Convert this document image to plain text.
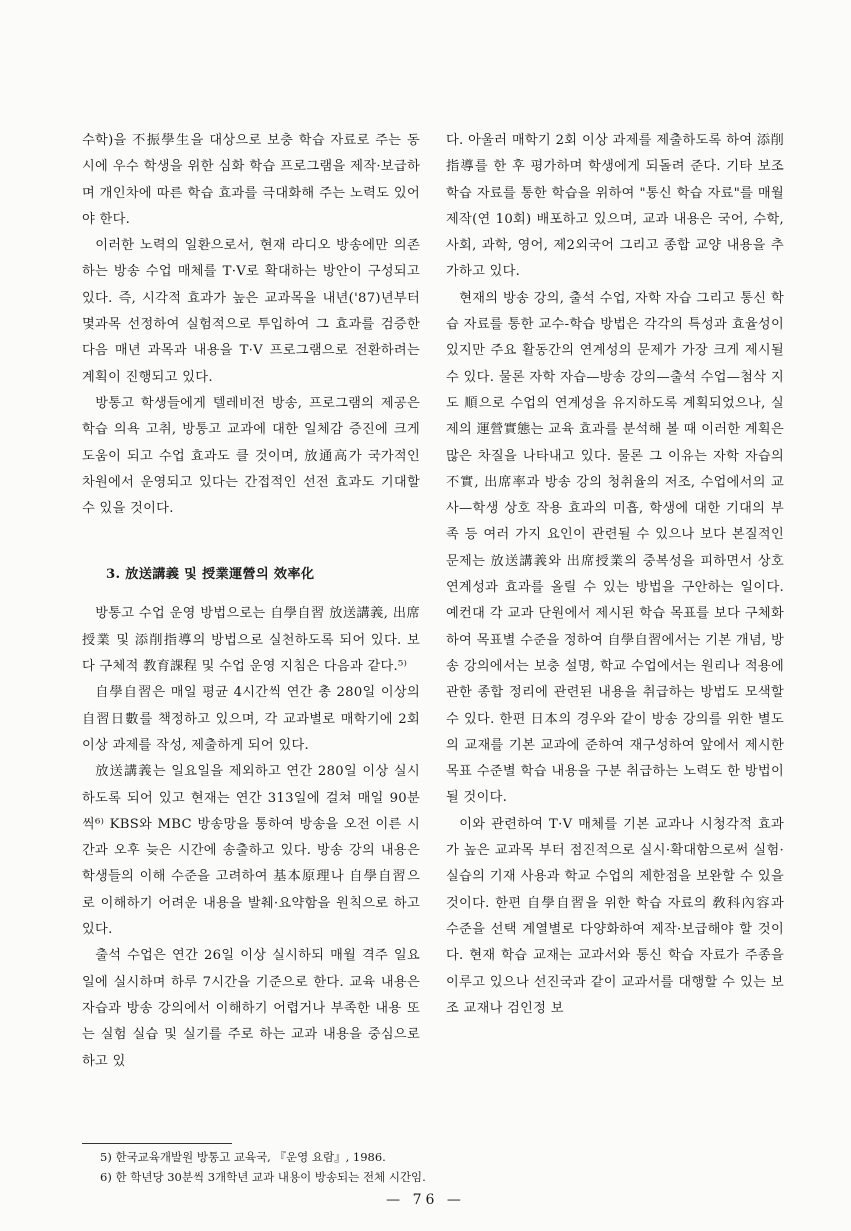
수학)을 不振學生을 대상으로 보충 학습 자료로 주는 동시에 우수 학생을 위한 심화 학습 프로그램을 제작·보급하며 개인차에 따른 학습 효과를 극대화해 주는 노력도 있어야 한다.

이러한 노력의 일환으로서, 현재 라디오 방송에만 의존하는 방송 수업 매체를 T·V로 확대하는 방안이 구성되고 있다. 즉, 시각적 효과가 높은 교과목을 내년('87)년부터 몇과목 선정하여 실험적으로 투입하여 그 효과를 검증한 다음 매년 과목과 내용을 T·V 프로그램으로 전환하려는 계획이 진행되고 있다.

방통고 학생들에게 텔레비전 방송, 프로그램의 제공은 학습 의욕 고취, 방통고 교과에 대한 일체감 증진에 크게 도움이 되고 수업 효과도 클 것이며, 放通高가 국가적인 차원에서 운영되고 있다는 간접적인 선전 효과도 기대할 수 있을 것이다.

3. 放送講義 및 授業運營의 效率化

방통고 수업 운영 방법으로는 自學自習 放送講義, 出席授業 및 添削指導의 방법으로 실천하도록 되어 있다. 보다 구체적 教育課程 및 수업 운영 지침은 다음과 같다.⁵⁾

自學自習은 매일 평균 4시간씩 연간 총 280일 이상의 自習日數를 책정하고 있으며, 각 교과별로 매학기에 2회 이상 과제를 작성, 제출하게 되어 있다.

放送講義는 일요일을 제외하고 연간 280일 이상 실시하도록 되어 있고 현재는 연간 313일에 걸쳐 매일 90분씩⁶⁾ KBS와 MBC 방송망을 통하여 방송을 오전 이른 시간과 오후 늦은 시간에 송출하고 있다. 방송 강의 내용은 학생들의 이해 수준을 고려하여 基本原理나 自學自習으로 이해하기 어려운 내용을 발췌·요약함을 원칙으로 하고 있다.

출석 수업은 연간 26일 이상 실시하되 매월 격주 일요일에 실시하며 하루 7시간을 기준으로 한다. 교육 내용은 자습과 방송 강의에서 이해하기 어렵거나 부족한 내용 또는 실험 실습 및 실기를 주로 하는 교과 내용을 중심으로 하고 있

다. 아울러 매학기 2회 이상 과제를 제출하도록 하여 添削指導를 한 후 평가하며 학생에게 되돌려 준다. 기타 보조 학습 자료를 통한 학습을 위하여 "통신 학습 자료"를 매월 제작(연 10회) 배포하고 있으며, 교과 내용은 국어, 수학, 사회, 과학, 영어, 제2외국어 그리고 종합 교양 내용을 추가하고 있다.

현재의 방송 강의, 출석 수업, 자학 자습 그리고 통신 학습 자료를 통한 교수-학습 방법은 각각의 특성과 효율성이 있지만 주요 활동간의 연계성의 문제가 가장 크게 제시될 수 있다. 물론 자학 자습—방송 강의—출석 수업—첨삭 지도 順으로 수업의 연계성을 유지하도록 계획되었으나, 실제의 運營實態는 교육 효과를 분석해 볼 때 이러한 계획은 많은 차질을 나타내고 있다. 물론 그 이유는 자학 자습의 不實, 出席率과 방송 강의 청취율의 저조, 수업에서의 교사—학생 상호 작용 효과의 미흡, 학생에 대한 기대의 부족 등 여러 가지 요인이 관련될 수 있으나 보다 본질적인 문제는 放送講義와 出席授業의 중복성을 피하면서 상호 연계성과 효과를 올릴 수 있는 방법을 구안하는 일이다. 예컨대 각 교과 단원에서 제시된 학습 목표를 보다 구체화하여 목표별 수준을 정하여 自學自習에서는 기본 개념, 방송 강의에서는 보충 설명, 학교 수업에서는 원리나 적용에 관한 종합 정리에 관련된 내용을 취급하는 방법도 모색할 수 있다. 한편 日本의 경우와 같이 방송 강의를 위한 별도의 교재를 기본 교과에 준하여 재구성하여 앞에서 제시한 목표 수준별 학습 내용을 구분 취급하는 노력도 한 방법이 될 것이다.

이와 관련하여 T·V 매체를 기본 교과나 시청각적 효과가 높은 교과목 부터 점진적으로 실시·확대함으로써 실험·실습의 기재 사용과 학교 수업의 제한점을 보완할 수 있을 것이다. 한편 自學自習을 위한 학습 자료의 敎科內容과 수준을 선택 계열별로 다양화하여 제작·보급해야 할 것이다. 현재 학습 교재는 교과서와 통신 학습 자료가 주종을 이루고 있으나 선진국과 같이 교과서를 대행할 수 있는 보조 교재나 검인정 보

5) 한국교육개발원 방통고 교육국, 『운영 요람』, 1986.
6) 한 학년당 30분씩 3개학년 교과 내용이 방송되는 전체 시간임.
— 76 —
